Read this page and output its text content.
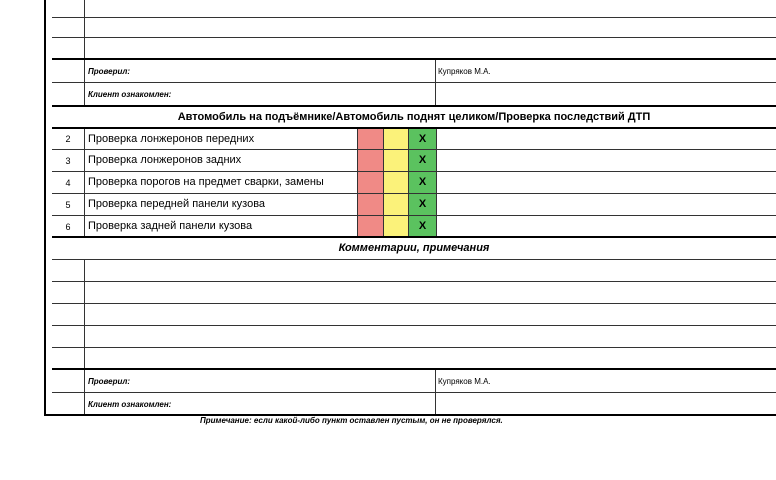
Проверил:	Купряков М.А.
Клиент ознакомлен:
Автомобиль на подъёмнике/Автомобиль поднят целиком/Проверка последствий ДТП
2	Проверка лонжеронов передних	X
3	Проверка лонжеронов задних	X
4	Проверка порогов на предмет сварки, замены	X
5	Проверка передней панели кузова	X
6	Проверка задней панели кузова	X
Комментарии, примечания
Проверил:	Купряков М.А.
Клиент ознакомлен:
Примечание: если какой-либо пункт оставлен пустым, он не проверялся.
